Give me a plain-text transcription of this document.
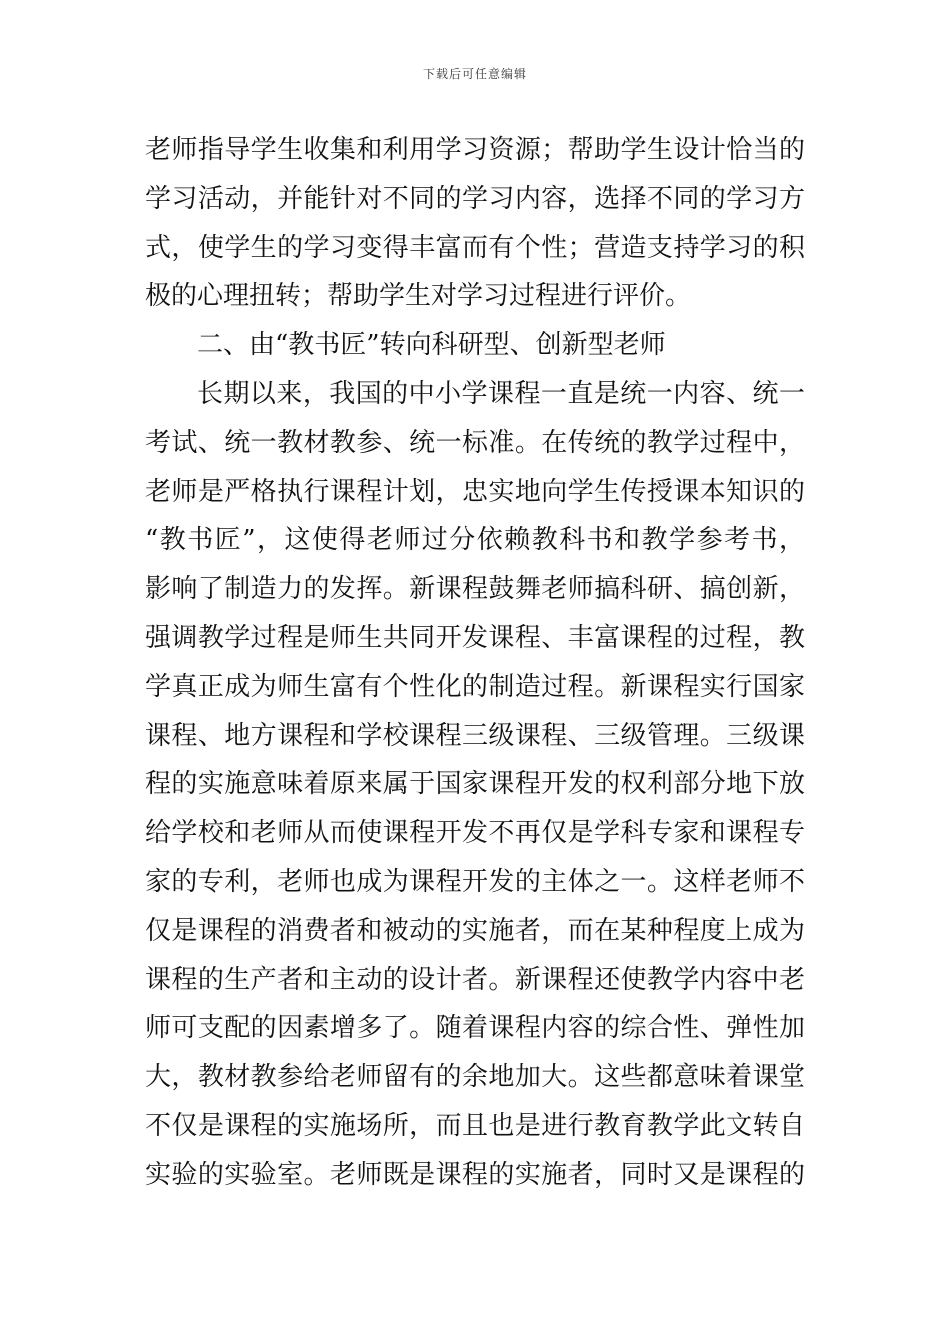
下载后可任意编辑
老师指导学生收集和利用学习资源；帮助学生设计恰当的
学习活动，并能针对不同的学习内容，选择不同的学习方
式，使学生的学习变得丰富而有个性；营造支持学习的积
极的心理扭转；帮助学生对学习过程进行评价。
二、由“教书匠”转向科研型、创新型老师
长期以来，我国的中小学课程一直是统一内容、统一
考试、统一教材教参、统一标准。在传统的教学过程中，
老师是严格执行课程计划，忠实地向学生传授课本知识的
“教书匠”，这使得老师过分依赖教科书和教学参考书，
影响了制造力的发挥。新课程鼓舞老师搞科研、搞创新，
强调教学过程是师生共同开发课程、丰富课程的过程，教
学真正成为师生富有个性化的制造过程。新课程实行国家
课程、地方课程和学校课程三级课程、三级管理。三级课
程的实施意味着原来属于国家课程开发的权利部分地下放
给学校和老师从而使课程开发不再仅是学科专家和课程专
家的专利，老师也成为课程开发的主体之一。这样老师不
仅是课程的消费者和被动的实施者，而在某种程度上成为
课程的生产者和主动的设计者。新课程还使教学内容中老
师可支配的因素增多了。随着课程内容的综合性、弹性加
大，教材教参给老师留有的余地加大。这些都意味着课堂
不仅是课程的实施场所，而且也是进行教育教学此文转自
实验的实验室。老师既是课程的实施者，同时又是课程的
